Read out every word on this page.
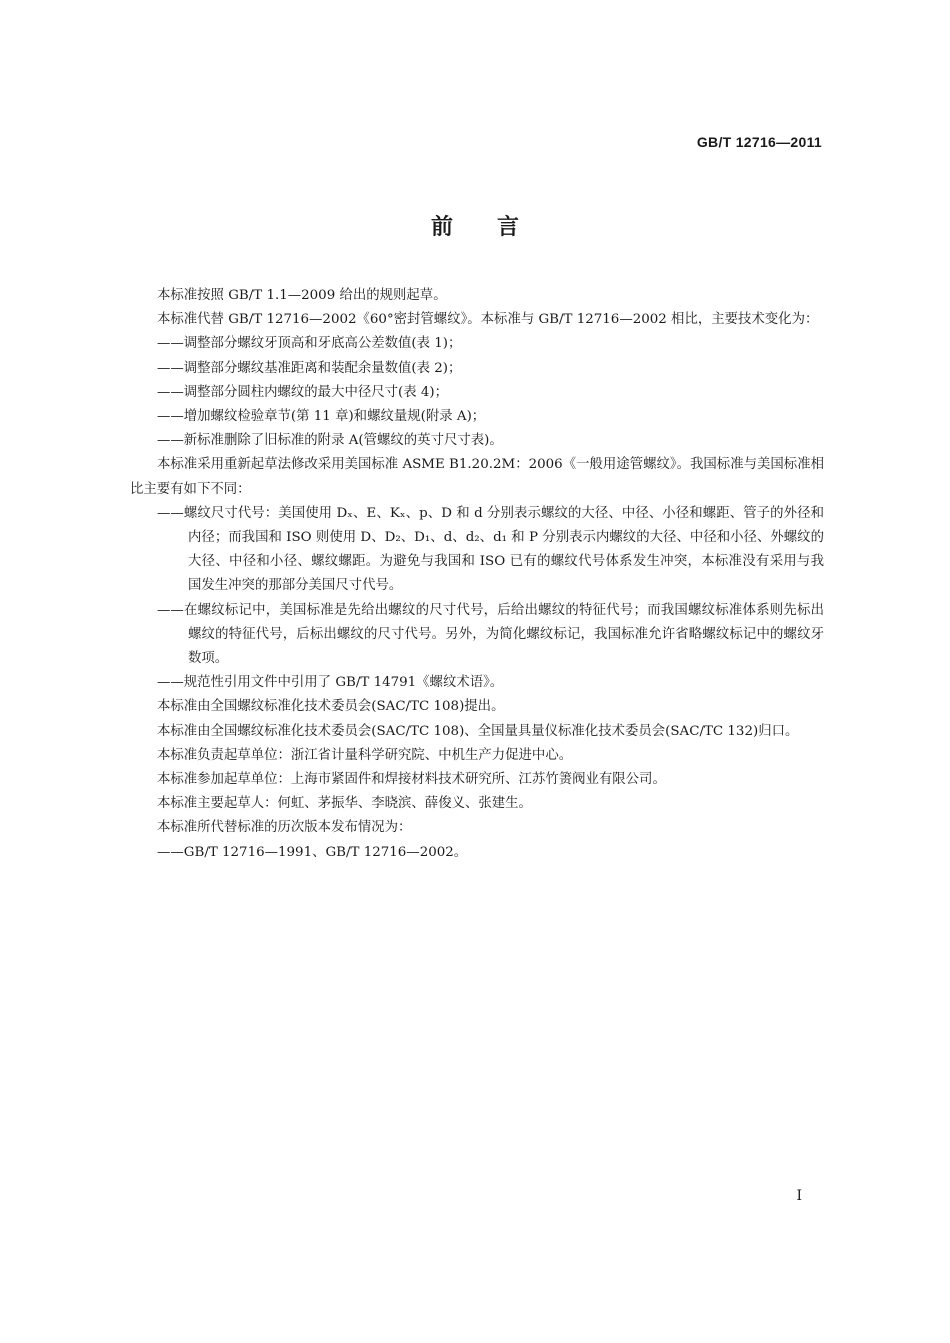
GB/T 12716—2011
前言

本标准按照 GB/T 1.1—2009 给出的规则起草。

本标准代替 GB/T 12716—2002《60°密封管螺纹》。本标准与 GB/T 12716—2002 相比，主要技术变化为：

——调整部分螺纹牙顶高和牙底高公差数值(表 1)；

——调整部分螺纹基准距离和装配余量数值(表 2)；

——调整部分圆柱内螺纹的最大中径尺寸(表 4)；

——增加螺纹检验章节(第 11 章)和螺纹量规(附录 A)；

——新标准删除了旧标准的附录 A(管螺纹的英寸尺寸表)。

本标准采用重新起草法修改采用美国标准 ASME B1.20.2M：2006《一般用途管螺纹》。我国标准与美国标准相比主要有如下不同：

——螺纹尺寸代号：美国使用 Dₓ、E、Kₓ、p、D 和 d 分别表示螺纹的大径、中径、小径和螺距、管子的外径和内径；而我国和 ISO 则使用 D、D₂、D₁、d、d₂、d₁ 和 P 分别表示内螺纹的大径、中径和小径、外螺纹的大径、中径和小径、螺纹螺距。为避免与我国和 ISO 已有的螺纹代号体系发生冲突，本标准没有采用与我国发生冲突的那部分美国尺寸代号。

——在螺纹标记中，美国标准是先给出螺纹的尺寸代号，后给出螺纹的特征代号；而我国螺纹标准体系则先标出螺纹的特征代号，后标出螺纹的尺寸代号。另外，为简化螺纹标记，我国标准允许省略螺纹标记中的螺纹牙数项。

——规范性引用文件中引用了 GB/T 14791《螺纹术语》。

本标准由全国螺纹标准化技术委员会(SAC/TC 108)提出。

本标准由全国螺纹标准化技术委员会(SAC/TC 108)、全国量具量仪标准化技术委员会(SAC/TC 132)归口。

本标准负责起草单位：浙江省计量科学研究院、中机生产力促进中心。

本标准参加起草单位：上海市紧固件和焊接材料技术研究所、江苏竹箦阀业有限公司。

本标准主要起草人：何虹、茅振华、李晓滨、薛俊义、张建生。

本标准所代替标准的历次版本发布情况为：

——GB/T 12716—1991、GB/T 12716—2002。

I
